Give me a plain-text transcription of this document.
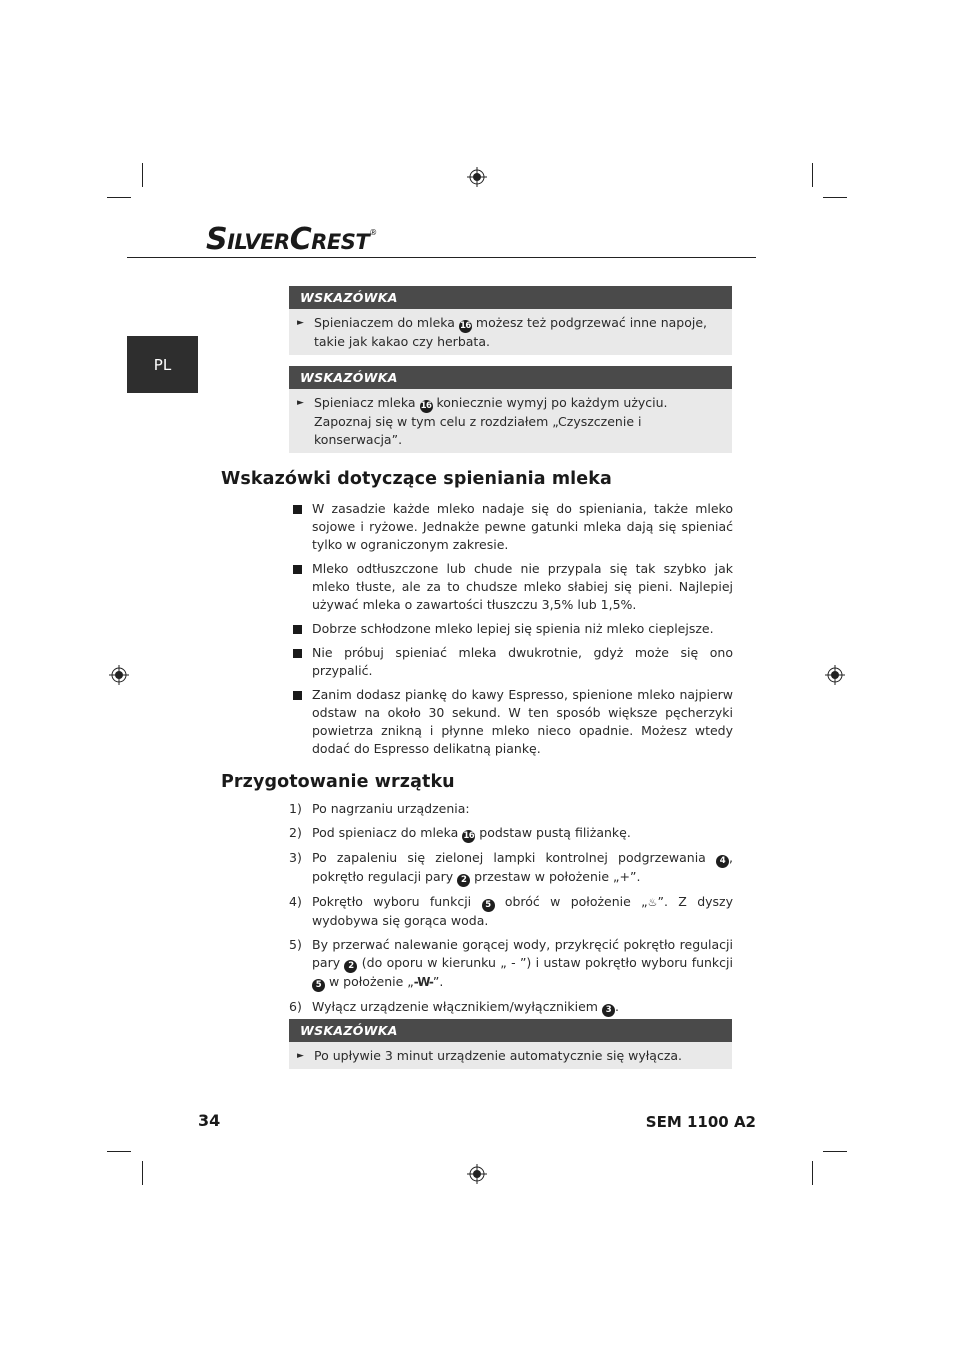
SILVERCREST®
PL
WSKAZÓWKA
► Spieniaczem do mleka 16 możesz też podgrzewać inne napoje, takie jak kakao czy herbata.
WSKAZÓWKA
► Spieniacz mleka 16 koniecznie wymyj po każdym użyciu. Zapoznaj się w tym celu z rozdziałem „Czyszczenie i konserwacja”.
Wskazówki dotyczące spieniania mleka
W zasadzie każde mleko nadaje się do spieniania, także mleko sojowe i ryżowe. Jednakże pewne gatunki mleka dają się spieniać tylko w ograniczonym zakresie.
Mleko odtłuszczone lub chude nie przypala się tak szybko jak mleko tłuste, ale za to chudsze mleko słabiej się pieni. Najlepiej używać mleka o zawartości tłuszczu 3,5% lub 1,5%.
Dobrze schłodzone mleko lepiej się spienia niż mleko cieplejsze.
Nie próbuj spieniać mleka dwukrotnie, gdyż może się ono przypalić.
Zanim dodasz piankę do kawy Espresso, spienione mleko najpierw odstaw na około 30 sekund. W ten sposób większe pęcherzyki powietrza znikną i płynne mleko nieco opadnie. Możesz wtedy dodać do Espresso delikatną piankę.
Przygotowanie wrzątku
1) Po nagrzaniu urządzenia:
2) Pod spieniacz do mleka 16 podstaw pustą filiżankę.
3) Po zapaleniu się zielonej lampki kontrolnej podgrzewania 4 , pokrętło regulacji pary 2 przestaw w położenie „+”.
4) Pokrętło wyboru funkcji 5 obróć w położenie „♨”. Z dyszy wydobywa się gorąca woda.
5) By przerwać nalewanie gorącej wody, przykręcić pokrętło regulacji pary 2 (do oporu w kierunku „ - ”) i ustaw pokrętło wyboru funkcji 5 w położenie „-W-”.
6) Wyłącz urządzenie włącznikiem/wyłącznikiem 3 .
WSKAZÓWKA
► Po upływie 3 minut urządzenie automatycznie się wyłącza.
34	SEM 1100 A2
